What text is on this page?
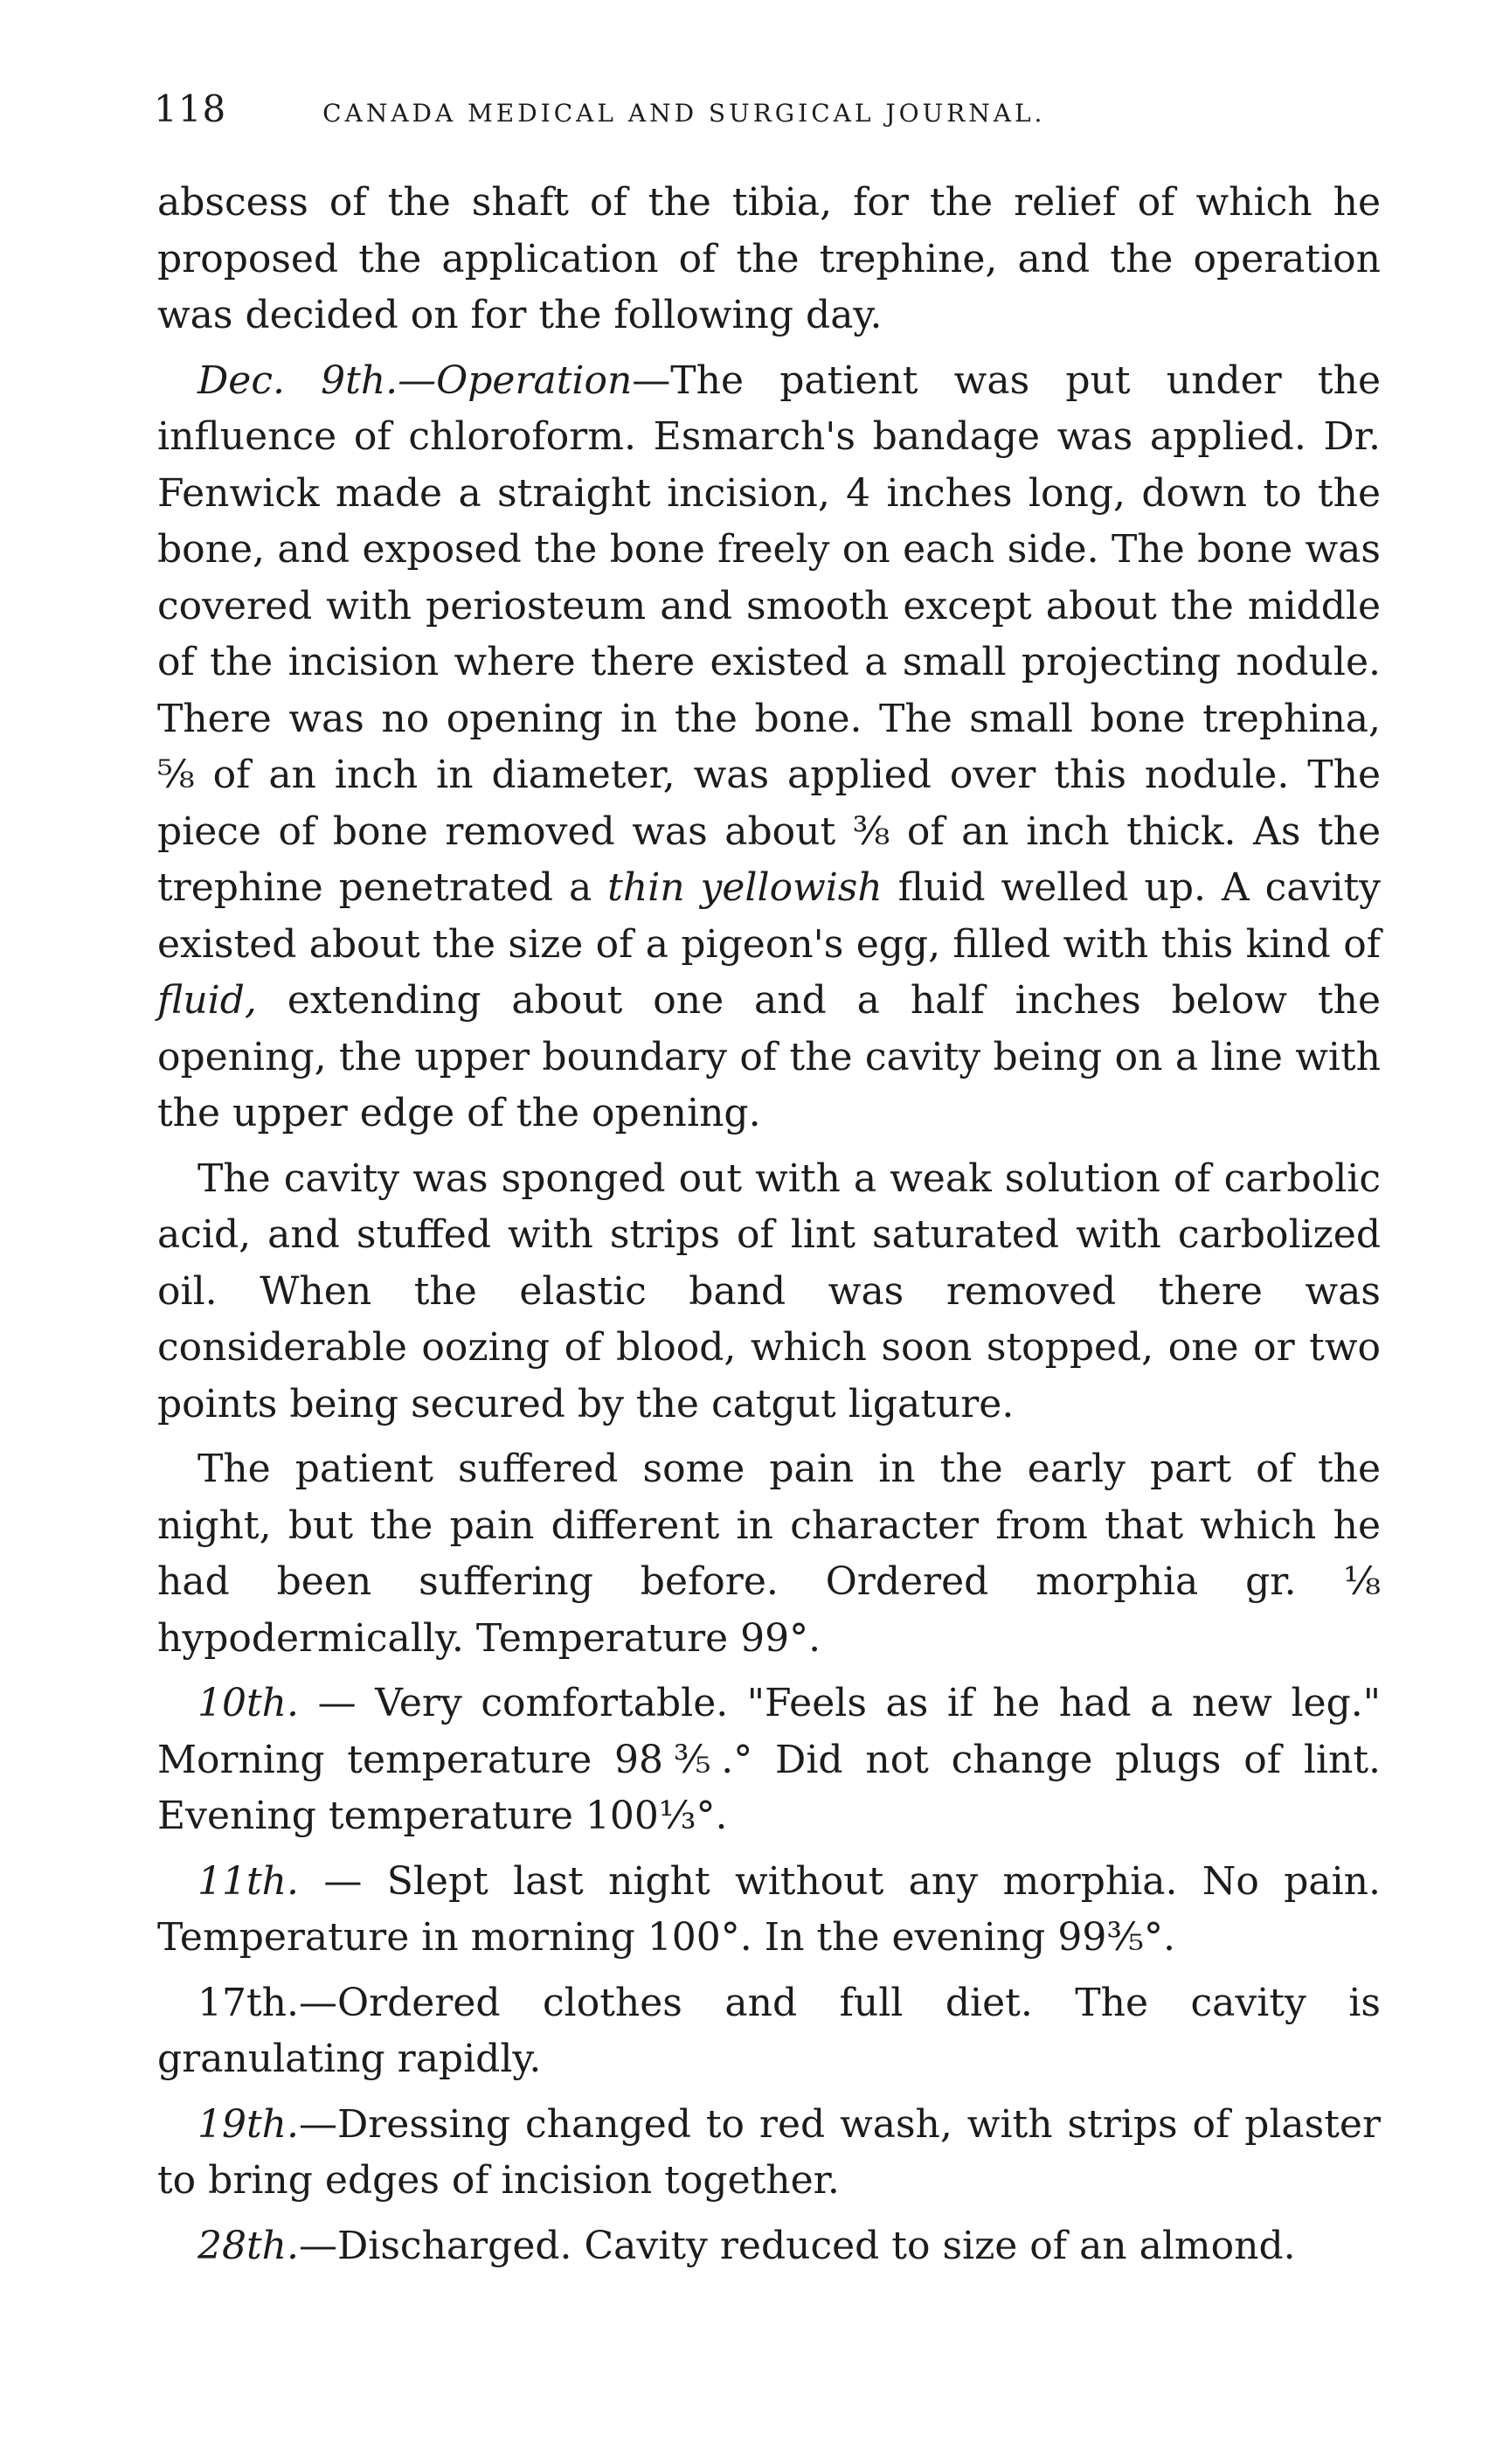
118	CANADA MEDICAL AND SURGICAL JOURNAL.

abscess of the shaft of the tibia, for the relief of which he proposed the application of the trephine, and the operation was decided on for the following day.

Dec. 9th.—Operation—The patient was put under the influence of chloroform. Esmarch's bandage was applied. Dr. Fenwick made a straight incision, 4 inches long, down to the bone, and exposed the bone freely on each side. The bone was covered with periosteum and smooth except about the middle of the incision where there existed a small projecting nodule. There was no opening in the bone. The small bone trephina, ⅝ of an inch in diameter, was applied over this nodule. The piece of bone removed was about ⅜ of an inch thick. As the trephine penetrated a thin yellowish fluid welled up. A cavity existed about the size of a pigeon's egg, filled with this kind of fluid, extending about one and a half inches below the opening, the upper boundary of the cavity being on a line with the upper edge of the opening.

The cavity was sponged out with a weak solution of carbolic acid, and stuffed with strips of lint saturated with carbolized oil. When the elastic band was removed there was considerable oozing of blood, which soon stopped, one or two points being secured by the catgut ligature.

The patient suffered some pain in the early part of the night, but the pain different in character from that which he had been suffering before. Ordered morphia gr. ⅛ hypodermically. Temperature 99°.

10th. — Very comfortable. "Feels as if he had a new leg." Morning temperature 98⅗.° Did not change plugs of lint. Evening temperature 100⅓°.

11th. — Slept last night without any morphia. No pain. Temperature in morning 100°. In the evening 99⅗°.

17th.—Ordered clothes and full diet. The cavity is granulating rapidly.

19th.—Dressing changed to red wash, with strips of plaster to bring edges of incision together.

28th.—Discharged. Cavity reduced to size of an almond.
